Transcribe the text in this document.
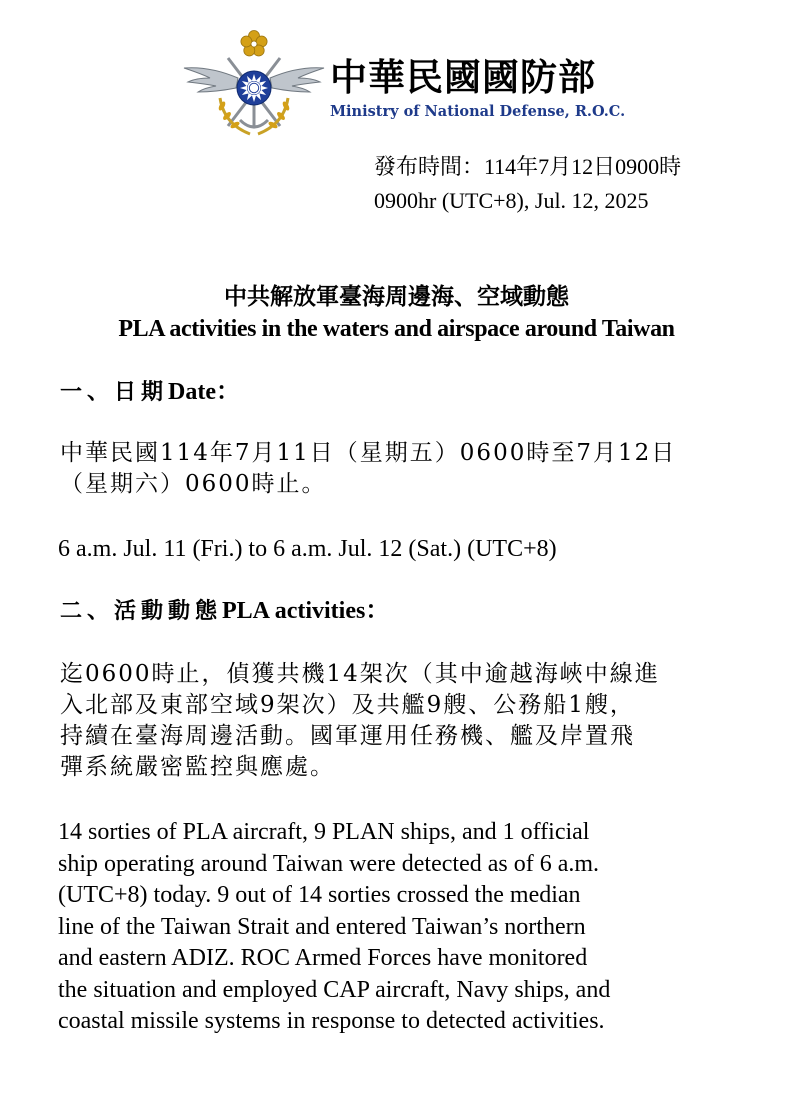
中華民國國防部
Ministry of National Defense, R.O.C.
發布時間：114年7月12日0900時
0900hr (UTC+8), Jul. 12, 2025
中共解放軍臺海周邊海、空域動態
PLA activities in the waters and airspace around Taiwan
一、日期Date：
中華民國114年7月11日（星期五）0600時至7月12日
（星期六）0600時止。
6 a.m. Jul. 11 (Fri.) to 6 a.m. Jul. 12 (Sat.) (UTC+8)
二、活動動態PLA activities：
迄0600時止，偵獲共機14架次（其中逾越海峽中線進
入北部及東部空域9架次）及共艦9艘、公務船1艘，
持續在臺海周邊活動。國軍運用任務機、艦及岸置飛
彈系統嚴密監控與應處。
14 sorties of PLA aircraft, 9 PLAN ships, and 1 official
ship operating around Taiwan were detected as of 6 a.m.
(UTC+8) today. 9 out of 14 sorties crossed the median
line of the Taiwan Strait and entered Taiwan’s northern
and eastern ADIZ. ROC Armed Forces have monitored
the situation and employed CAP aircraft, Navy ships, and
coastal missile systems in response to detected activities.
